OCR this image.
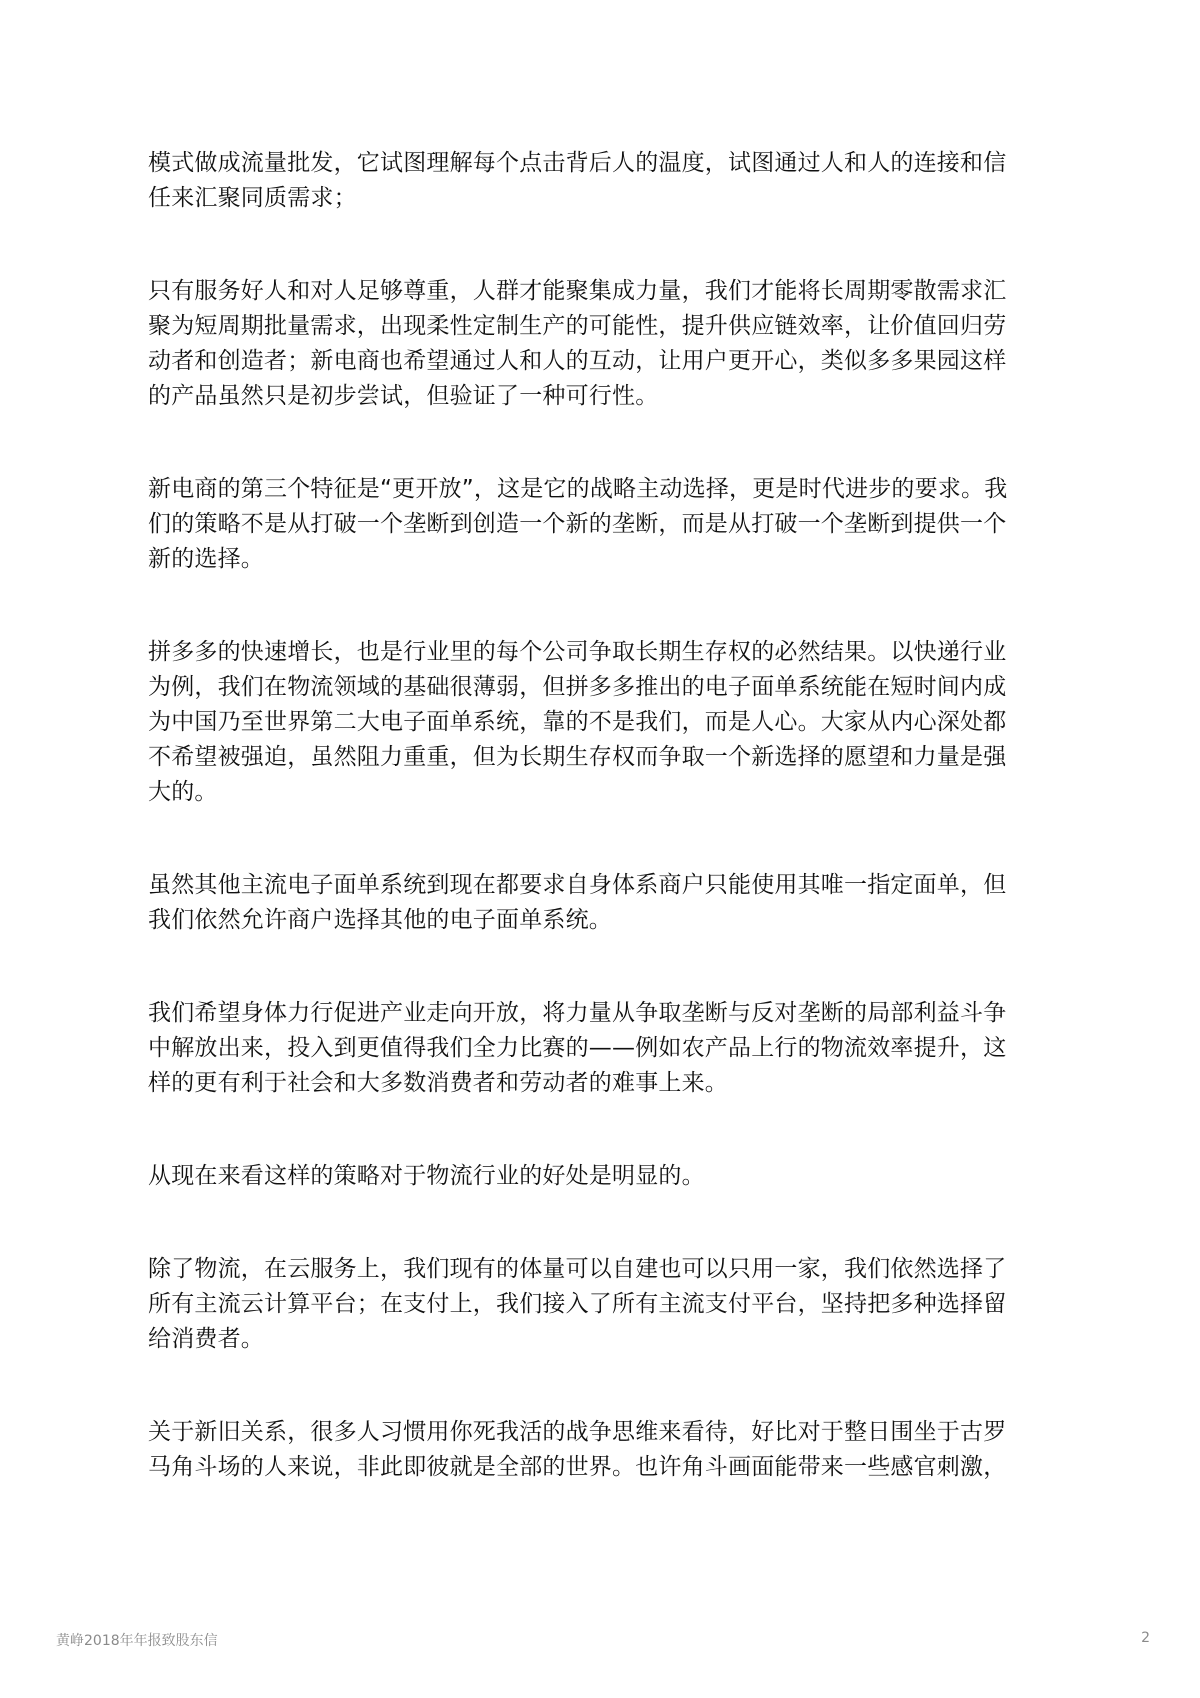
模式做成流量批发，它试图理解每个点击背后人的温度，试图通过人和人的连接和信
任来汇聚同质需求；

只有服务好人和对人足够尊重，人群才能聚集成力量，我们才能将长周期零散需求汇
聚为短周期批量需求，出现柔性定制生产的可能性，提升供应链效率，让价值回归劳
动者和创造者；新电商也希望通过人和人的互动，让用户更开心，类似多多果园这样
的产品虽然只是初步尝试，但验证了一种可行性。

新电商的第三个特征是“更开放”，这是它的战略主动选择，更是时代进步的要求。我
们的策略不是从打破一个垄断到创造一个新的垄断，而是从打破一个垄断到提供一个
新的选择。

拼多多的快速增长，也是行业里的每个公司争取长期生存权的必然结果。以快递行业
为例，我们在物流领域的基础很薄弱，但拼多多推出的电子面单系统能在短时间内成
为中国乃至世界第二大电子面单系统，靠的不是我们，而是人心。大家从内心深处都
不希望被强迫，虽然阻力重重，但为长期生存权而争取一个新选择的愿望和力量是强
大的。

虽然其他主流电子面单系统到现在都要求自身体系商户只能使用其唯一指定面单，但
我们依然允许商户选择其他的电子面单系统。

我们希望身体力行促进产业走向开放，将力量从争取垄断与反对垄断的局部利益斗争
中解放出来，投入到更值得我们全力比赛的——例如农产品上行的物流效率提升，这
样的更有利于社会和大多数消费者和劳动者的难事上来。

从现在来看这样的策略对于物流行业的好处是明显的。

除了物流，在云服务上，我们现有的体量可以自建也可以只用一家，我们依然选择了
所有主流云计算平台；在支付上，我们接入了所有主流支付平台，坚持把多种选择留
给消费者。

关于新旧关系，很多人习惯用你死我活的战争思维来看待，好比对于整日围坐于古罗
马角斗场的人来说，非此即彼就是全部的世界。也许角斗画面能带来一些感官刺激，

黄峥2018年年报致股东信	2
